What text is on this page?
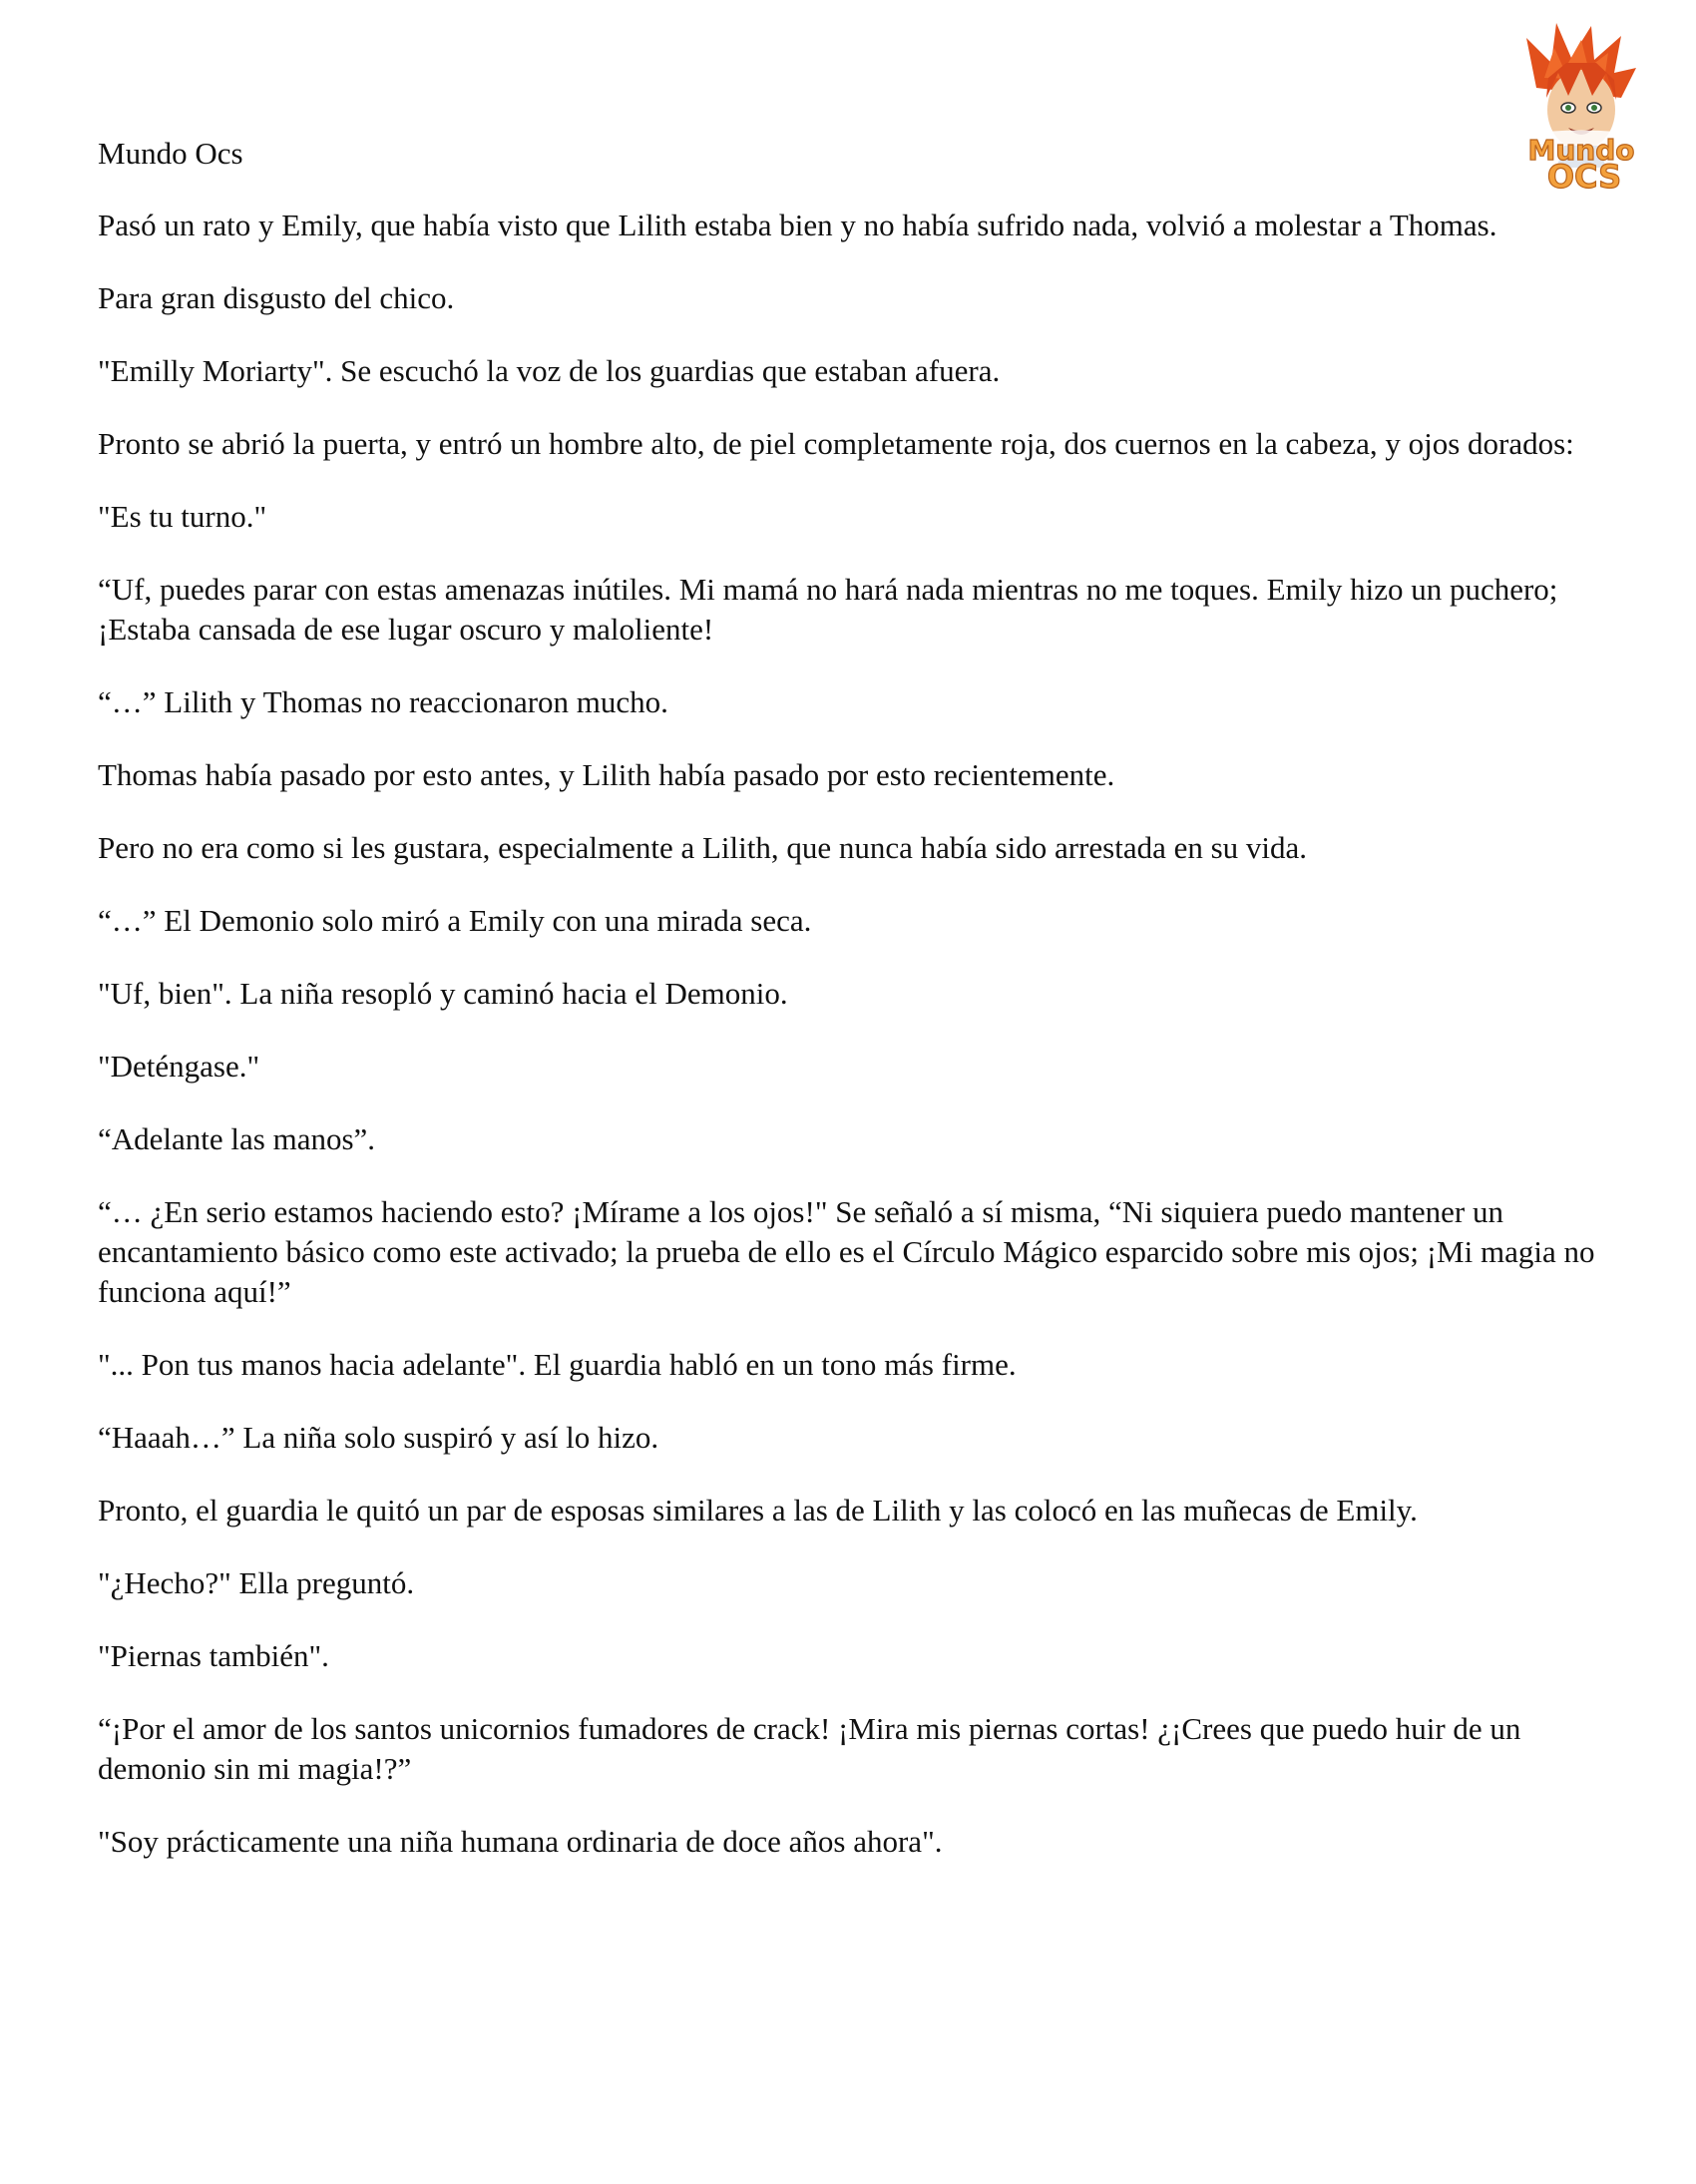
Mundo
OCS

Mundo Ocs

Pasó un rato y Emily, que había visto que Lilith estaba bien y no había sufrido nada, volvió a molestar a Thomas.

Para gran disgusto del chico.

"Emilly Moriarty". Se escuchó la voz de los guardias que estaban afuera.

Pronto se abrió la puerta, y entró un hombre alto, de piel completamente roja, dos cuernos en la cabeza, y ojos dorados:

"Es tu turno."

“Uf, puedes parar con estas amenazas inútiles. Mi mamá no hará nada mientras no me toques. Emily hizo un puchero; ¡Estaba cansada de ese lugar oscuro y maloliente!

“…” Lilith y Thomas no reaccionaron mucho.

Thomas había pasado por esto antes, y Lilith había pasado por esto recientemente.

Pero no era como si les gustara, especialmente a Lilith, que nunca había sido arrestada en su vida.

“…” El Demonio solo miró a Emily con una mirada seca.

"Uf, bien". La niña resopló y caminó hacia el Demonio.

"Deténgase."

“Adelante las manos”.

“… ¿En serio estamos haciendo esto? ¡Mírame a los ojos!" Se señaló a sí misma, “Ni siquiera puedo mantener un encantamiento básico como este activado; la prueba de ello es el Círculo Mágico esparcido sobre mis ojos; ¡Mi magia no funciona aquí!”

"... Pon tus manos hacia adelante". El guardia habló en un tono más firme.

“Haaah…” La niña solo suspiró y así lo hizo.

Pronto, el guardia le quitó un par de esposas similares a las de Lilith y las colocó en las muñecas de Emily.

"¿Hecho?" Ella preguntó.

"Piernas también".

“¡Por el amor de los santos unicornios fumadores de crack! ¡Mira mis piernas cortas! ¿¡Crees que puedo huir de un demonio sin mi magia!?”

"Soy prácticamente una niña humana ordinaria de doce años ahora".
